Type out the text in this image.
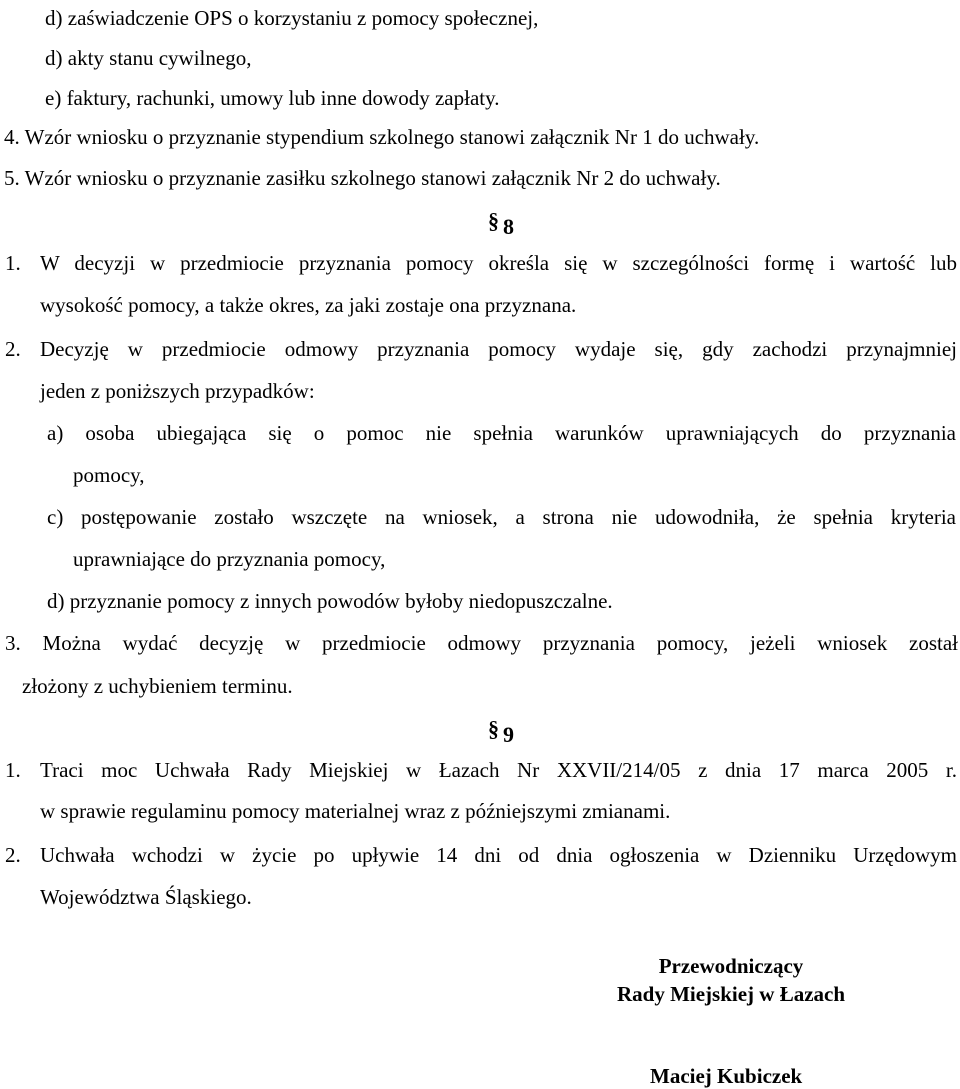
d) zaświadczenie OPS o korzystaniu z pomocy społecznej,
d) akty stanu cywilnego,
e) faktury, rachunki, umowy lub inne dowody zapłaty.
4. Wzór wniosku o przyznanie stypendium szkolnego stanowi załącznik Nr 1 do uchwały.
5. Wzór wniosku o przyznanie zasiłku szkolnego stanowi załącznik Nr 2 do uchwały.
§ 8
1. W decyzji w przedmiocie przyznania pomocy określa się w szczególności formę i wartość lub
wysokość pomocy, a także okres, za jaki zostaje ona przyznana.
2. Decyzję w przedmiocie odmowy przyznania pomocy wydaje się, gdy zachodzi przynajmniej
jeden z poniższych przypadków:
a) osoba ubiegająca się o pomoc nie spełnia warunków uprawniających do przyznania
pomocy,
c) postępowanie zostało wszczęte na wniosek, a strona nie udowodniła, że spełnia kryteria
uprawniające do przyznania pomocy,
d) przyznanie pomocy z innych powodów byłoby niedopuszczalne.
3. Można wydać decyzję w przedmiocie odmowy przyznania pomocy, jeżeli wniosek został
złożony z uchybieniem terminu.
§ 9
1. Traci moc Uchwała Rady Miejskiej w Łazach Nr XXVII/214/05 z dnia 17 marca 2005 r.
w sprawie regulaminu pomocy materialnej wraz z późniejszymi zmianami.
2. Uchwała wchodzi w życie po upływie 14 dni od dnia ogłoszenia w Dzienniku Urzędowym
Województwa Śląskiego.
Przewodniczący
Rady Miejskiej w Łazach
Maciej Kubiczek
